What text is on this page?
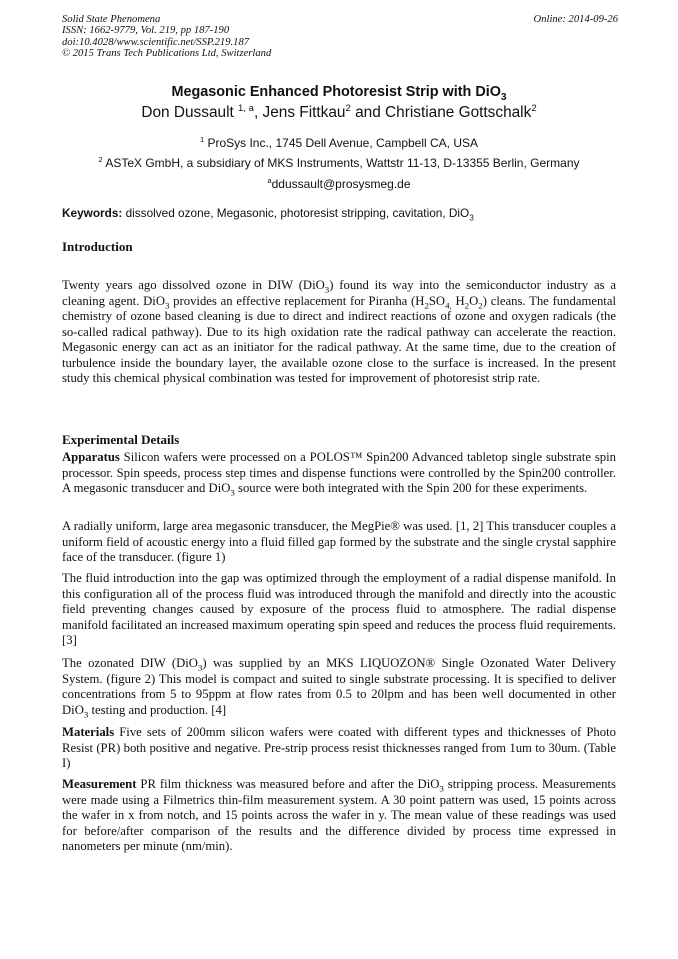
Solid State Phenomena
ISSN: 1662-9779, Vol. 219, pp 187-190
doi:10.4028/www.scientific.net/SSP.219.187
© 2015 Trans Tech Publications Ltd, Switzerland
Online: 2014-09-26
Megasonic Enhanced Photoresist Strip with DiO$_3$
Don Dussault $^{1, a}$, Jens Fittkau$^2$ and Christiane Gottschalk$^2$
$^1$ ProSys Inc., 1745 Dell Avenue, Campbell CA, USA
$^2$ ASTeX GmbH, a subsidiary of MKS Instruments, Wattstr 11-13, D-13355 Berlin, Germany
$^a$ddussault@prosysmeg.de
Keywords: dissolved ozone, Megasonic, photoresist stripping, cavitation, DiO$_3$
Introduction

Twenty years ago dissolved ozone in DIW (DiO$_3$) found its way into the semiconductor industry as a cleaning agent. DiO$_3$ provides an effective replacement for Piranha ($H_2SO_{4,}$ $H_2O_2$) cleans. The fundamental chemistry of ozone based cleaning is due to direct and indirect reactions of ozone and oxygen radicals (the so-called radical pathway). Due to its high oxidation rate the radical pathway can accelerate the reaction. Megasonic energy can act as an initiator for the radical pathway. At the same time, due to the creation of turbulence inside the boundary layer, the available ozone close to the surface is increased. In the present study this chemical physical combination was tested for improvement of photoresist strip rate.

Experimental Details

Apparatus Silicon wafers were processed on a POLOS™ Spin200 Advanced tabletop single substrate spin processor. Spin speeds, process step times and dispense functions were controlled by the Spin200 controller. A megasonic transducer and DiO$_3$ source were both integrated with the Spin 200 for these experiments.

A radially uniform, large area megasonic transducer, the MegPie® was used. [1, 2] This transducer couples a uniform field of acoustic energy into a fluid filled gap formed by the substrate and the single crystal sapphire face of the transducer. (figure 1)

The fluid introduction into the gap was optimized through the employment of a radial dispense manifold. In this configuration all of the process fluid was introduced through the manifold and directly into the acoustic field preventing changes caused by exposure of the process fluid to atmosphere. The radial dispense manifold facilitated an increased maximum operating spin speed and reduces the process fluid requirements. [3]

The ozonated DIW (DiO$_3$) was supplied by an MKS LIQUOZON® Single Ozonated Water Delivery System. (figure 2) This model is compact and suited to single substrate processing. It is specified to deliver concentrations from 5 to 95ppm at flow rates from 0.5 to 20lpm and has been well documented in other DiO$_3$ testing and production. [4]

Materials Five sets of 200mm silicon wafers were coated with different types and thicknesses of Photo Resist (PR) both positive and negative. Pre-strip process resist thicknesses ranged from 1um to 30um. (Table I)

Measurement PR film thickness was measured before and after the DiO$_3$ stripping process. Measurements were made using a Filmetrics thin-film measurement system. A 30 point pattern was used, 15 points across the wafer in x from notch, and 15 points across the wafer in y. The mean value of these readings was used for before/after comparison of the results and the difference divided by process time expressed in nanometers per minute (nm/min).
